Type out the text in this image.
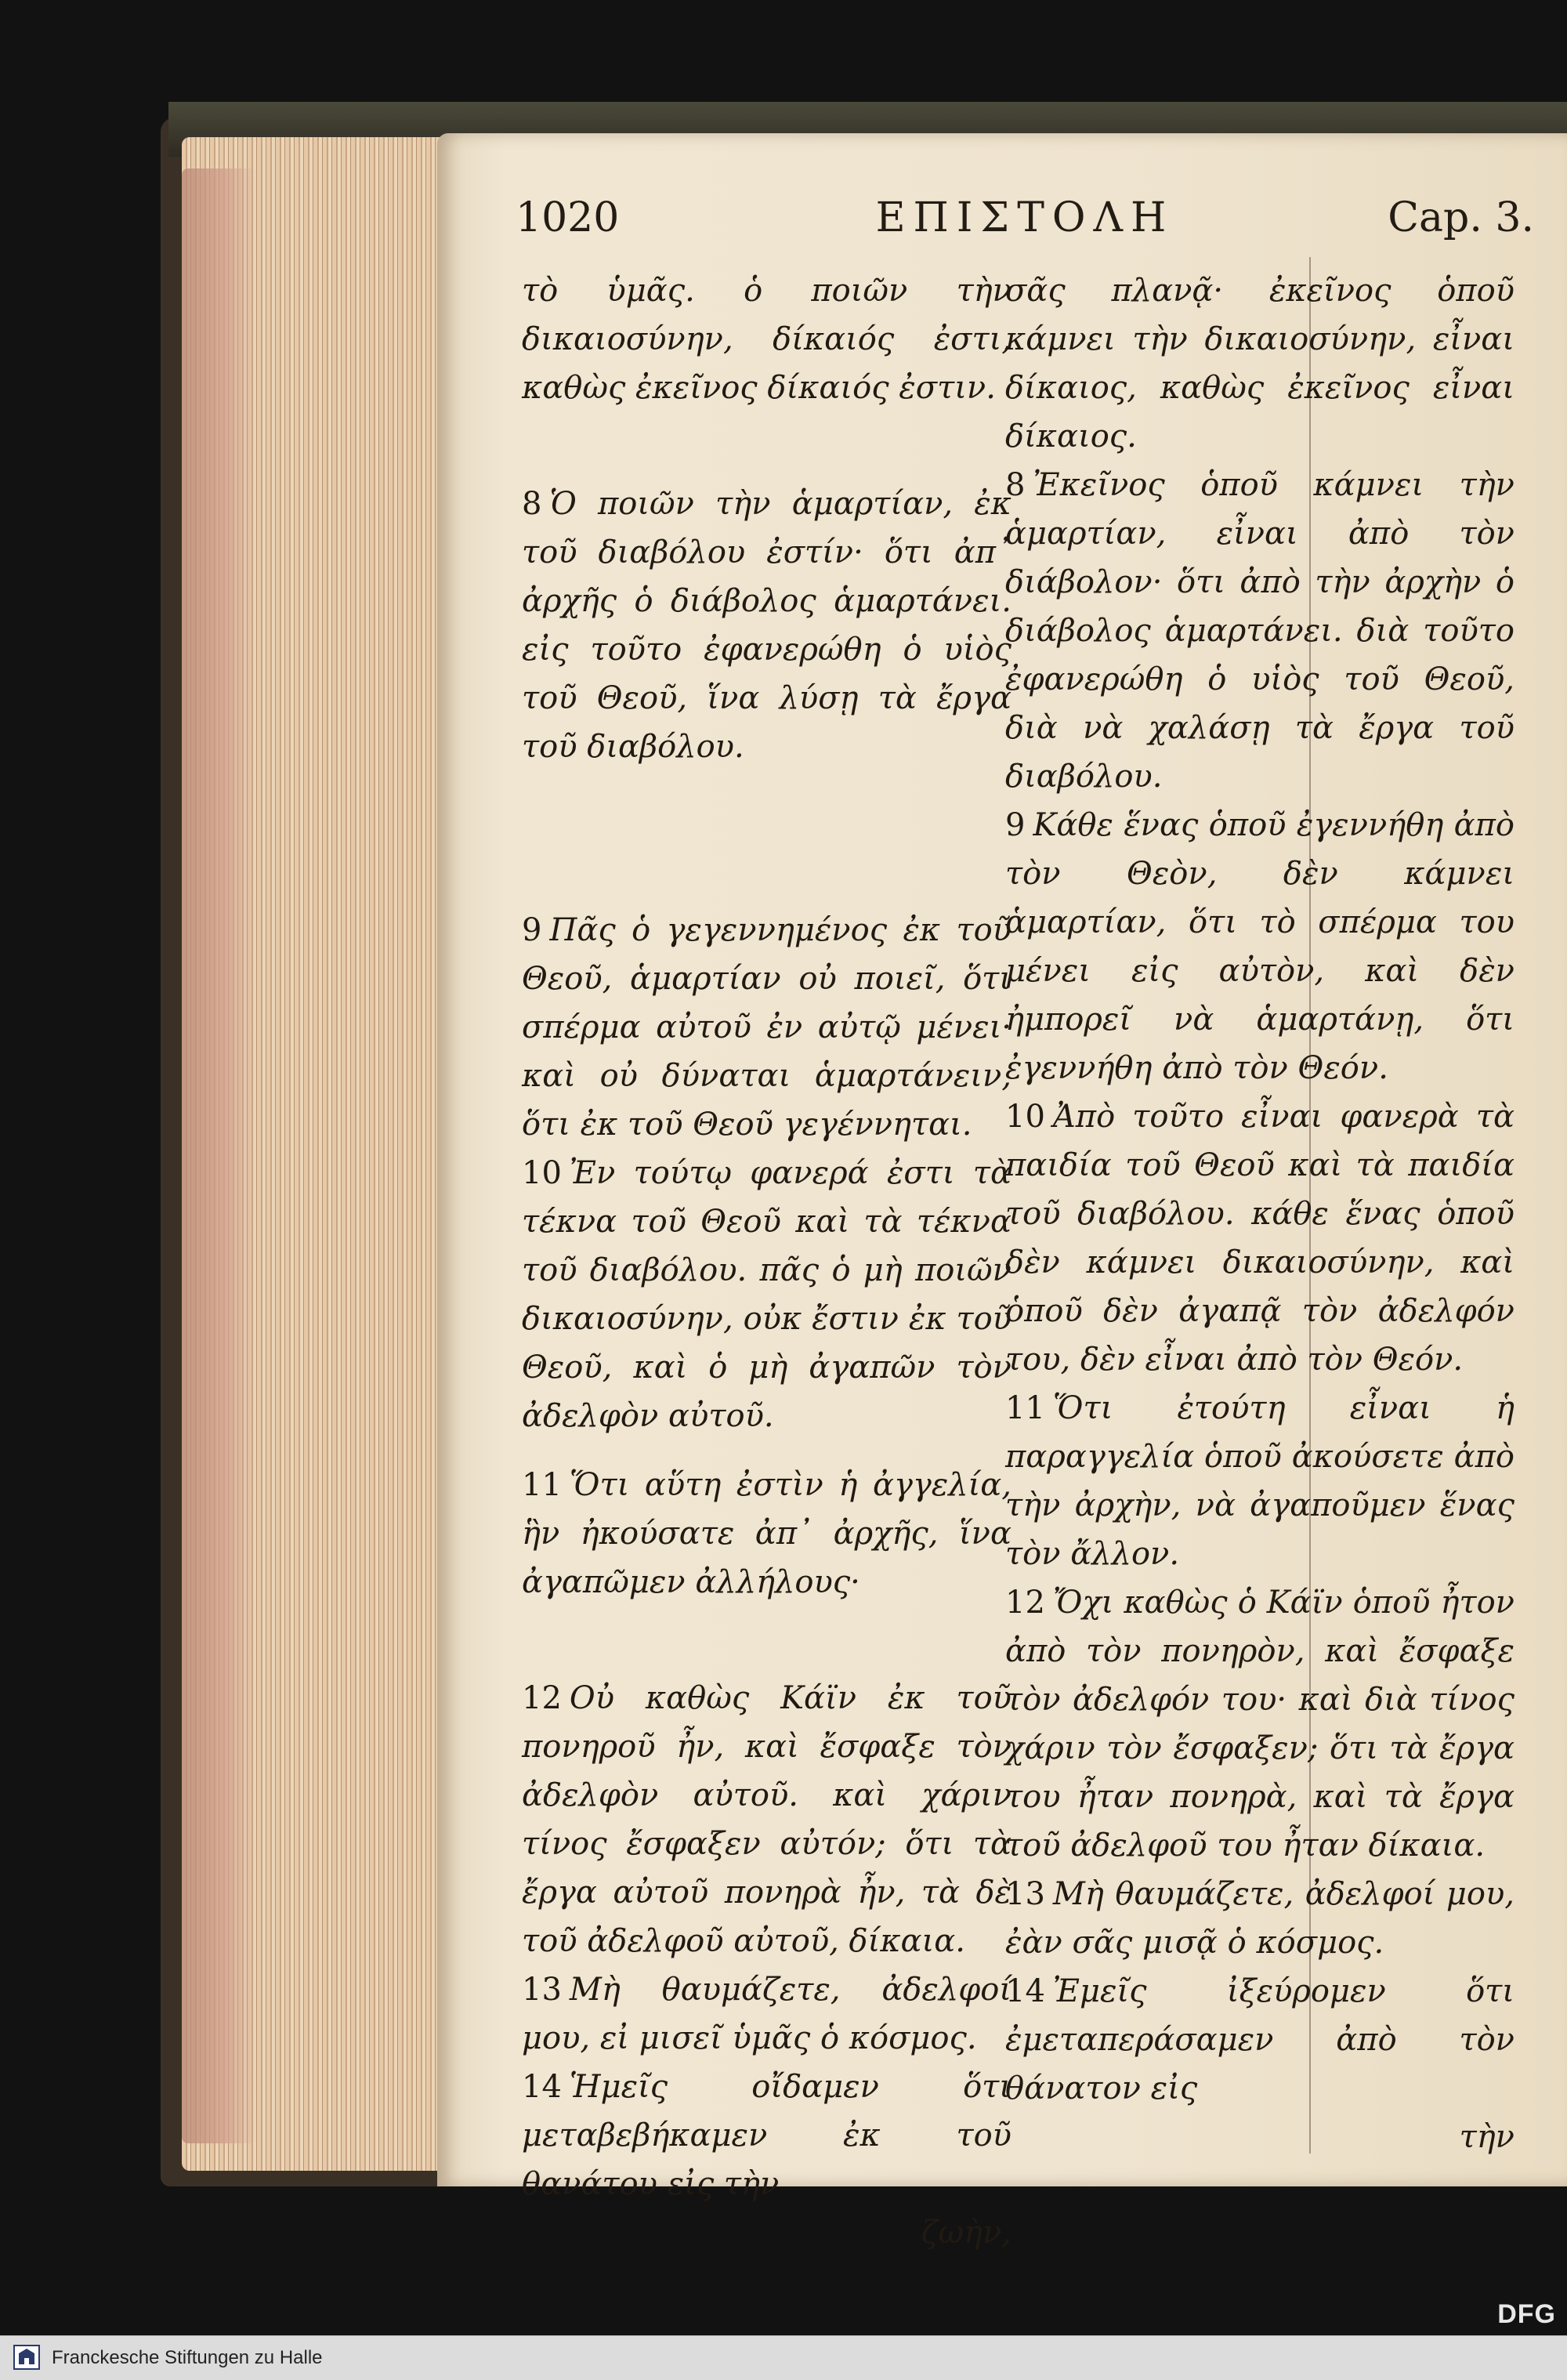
1020	ΕΠΙΣΤΟΛΗ	Cap. 3.

τὸ ὑμᾶς. ὁ ποιῶν τὴν δικαιοσύνην, δίκαιός ἐστι, καθὼς ἐκεῖνος δίκαιός ἐστιν.

8 Ὁ ποιῶν τὴν ἁμαρτίαν, ἐκ τοῦ διαβόλου ἐστίν· ὅτι ἀπ᾽ ἀρχῆς ὁ διάβολος ἁμαρτάνει. εἰς τοῦτο ἐφανερώθη ὁ υἱὸς τοῦ Θεοῦ, ἵνα λύσῃ τὰ ἔργα τοῦ διαβόλου.

9 Πᾶς ὁ γεγεννημένος ἐκ τοῦ Θεοῦ, ἁμαρτίαν οὐ ποιεῖ, ὅτι σπέρμα αὐτοῦ ἐν αὐτῷ μένει· καὶ οὐ δύναται ἁμαρτάνειν, ὅτι ἐκ τοῦ Θεοῦ γεγέννηται.

10 Ἐν τούτῳ φανερά ἐστι τὰ τέκνα τοῦ Θεοῦ καὶ τὰ τέκνα τοῦ διαβόλου. πᾶς ὁ μὴ ποιῶν δικαιοσύνην, οὐκ ἔστιν ἐκ τοῦ Θεοῦ, καὶ ὁ μὴ ἀγαπῶν τὸν ἀδελφὸν αὐτοῦ.

11 Ὅτι αὕτη ἐστὶν ἡ ἀγγελία, ἣν ἠκούσατε ἀπ᾽ ἀρχῆς, ἵνα ἀγαπῶμεν ἀλλήλους·

12 Οὐ καθὼς Κάϊν ἐκ τοῦ πονηροῦ ἦν, καὶ ἔσφαξε τὸν ἀδελφὸν αὐτοῦ. καὶ χάριν τίνος ἔσφαξεν αὐτόν; ὅτι τὰ ἔργα αὐτοῦ πονηρὰ ἦν, τὰ δὲ τοῦ ἀδελφοῦ αὐτοῦ, δίκαια.

13 Μὴ θαυμάζετε, ἀδελφοί μου, εἰ μισεῖ ὑμᾶς ὁ κόσμος.

14 Ἡμεῖς οἴδαμεν ὅτι μεταβεβήκαμεν ἐκ τοῦ θανάτου εἰς τὴν

ζωὴν,

σᾶς πλανᾷ· ἐκεῖνος ὁποῦ κάμνει τὴν δικαιοσύνην, εἶναι δίκαιος, καθὼς ἐκεῖνος εἶναι δίκαιος.

8 Ἐκεῖνος ὁποῦ κάμνει τὴν ἁμαρτίαν, εἶναι ἀπὸ τὸν διάβολον· ὅτι ἀπὸ τὴν ἀρχὴν ὁ διάβολος ἁμαρτάνει. διὰ τοῦτο ἐφανερώθη ὁ υἱὸς τοῦ Θεοῦ, διὰ νὰ χαλάσῃ τὰ ἔργα τοῦ διαβόλου.

9 Κάθε ἕνας ὁποῦ ἐγεννήθη ἀπὸ τὸν Θεὸν, δὲν κάμνει ἁμαρτίαν, ὅτι τὸ σπέρμα του μένει εἰς αὐτὸν, καὶ δὲν ἠμπορεῖ νὰ ἁμαρτάνῃ, ὅτι ἐγεννήθη ἀπὸ τὸν Θεόν.

10 Ἀπὸ τοῦτο εἶναι φανερὰ τὰ παιδία τοῦ Θεοῦ καὶ τὰ παιδία τοῦ διαβόλου. κάθε ἕνας ὁποῦ δὲν κάμνει δικαιοσύνην, καὶ ὁποῦ δὲν ἀγαπᾷ τὸν ἀδελφόν του, δὲν εἶναι ἀπὸ τὸν Θεόν.

11 Ὅτι ἐτούτη εἶναι ἡ παραγγελία ὁποῦ ἀκούσετε ἀπὸ τὴν ἀρχὴν, νὰ ἀγαποῦμεν ἕνας τὸν ἄλλον.

12 Ὄχι καθὼς ὁ Κάϊν ὁποῦ ἦτον ἀπὸ τὸν πονηρὸν, καὶ ἔσφαξε τὸν ἀδελφόν του· καὶ διὰ τίνος χάριν τὸν ἔσφαξεν; ὅτι τὰ ἔργα του ἦταν πονηρὰ, καὶ τὰ ἔργα τοῦ ἀδελφοῦ του ἦταν δίκαια.

13 Μὴ θαυμάζετε, ἀδελφοί μου, ἐὰν σᾶς μισᾷ ὁ κόσμος.

14 Ἐμεῖς ἰξεύρομεν ὅτι ἐμεταπεράσαμεν ἀπὸ τὸν θάνατον εἰς

τὴν

DFG
Franckesche Stiftungen zu Halle
